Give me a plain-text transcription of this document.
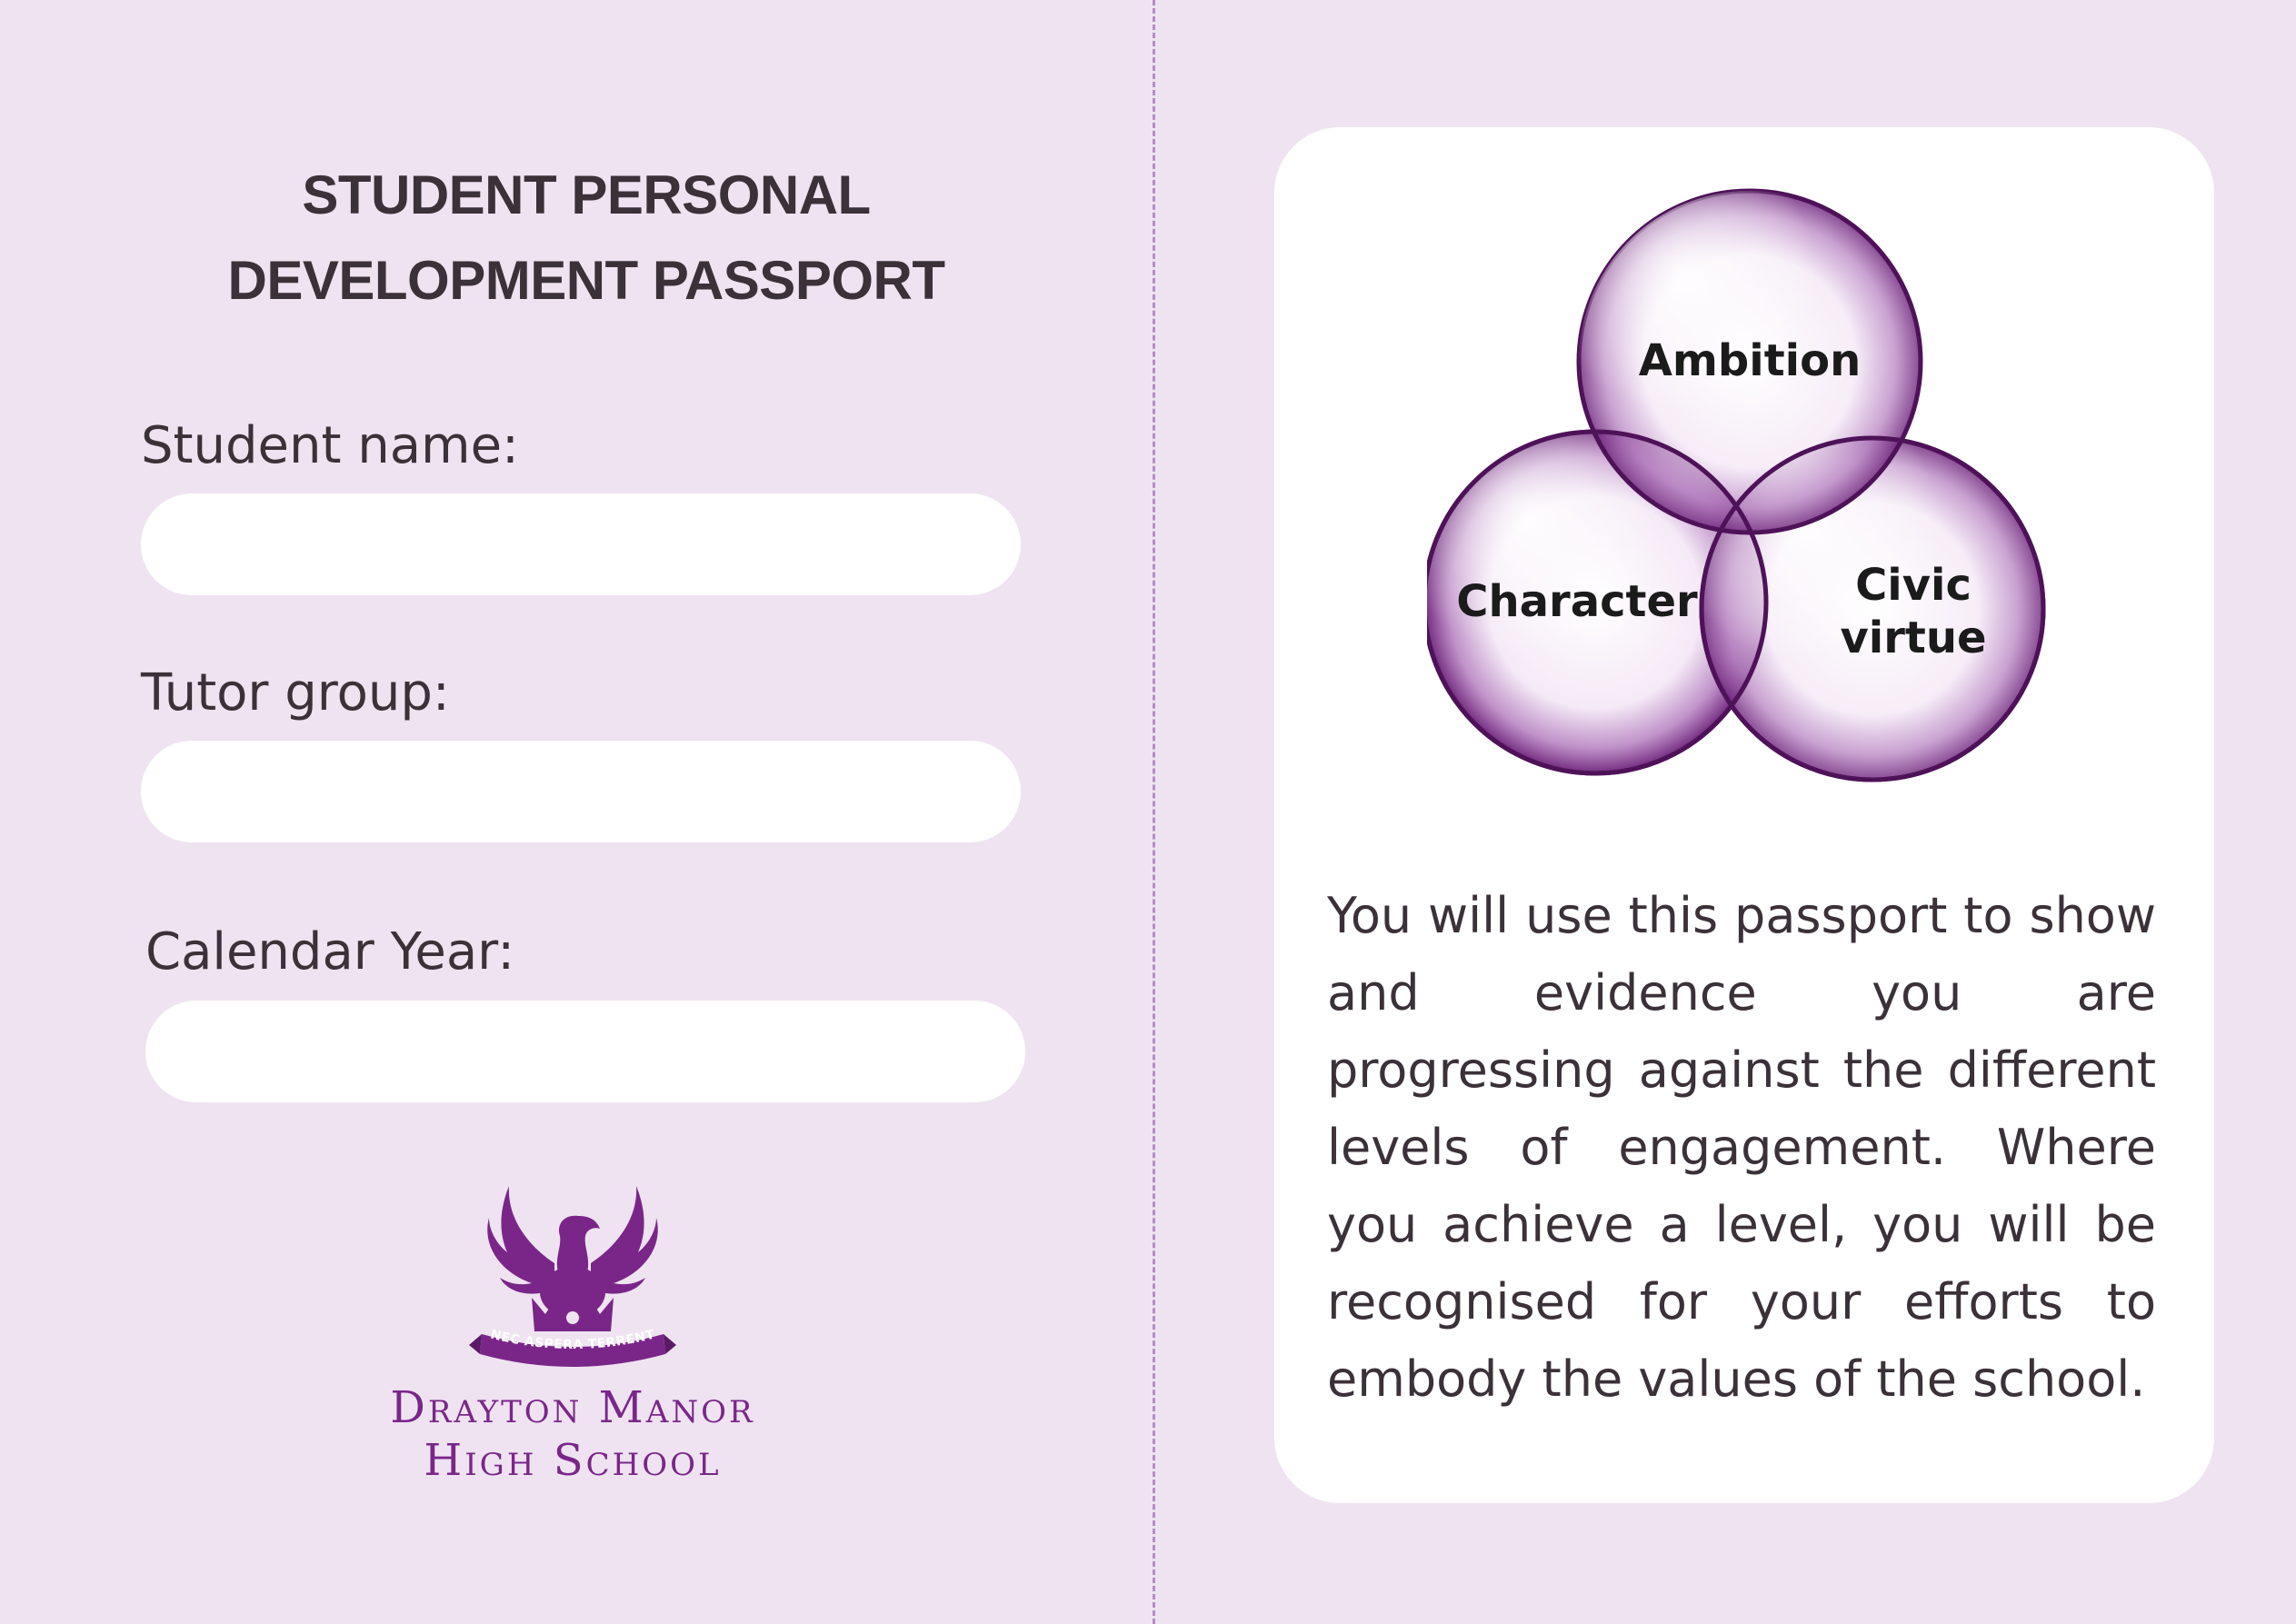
STUDENT PERSONAL
DEVELOPMENT PASSPORT
Student name:
Tutor group:
Calendar Year:
NEC ASPERA TERRENT
Drayton Manor
High School
Ambition
Character	Civic
virtue

You will use this passport to show and evidence you are progressing against the different levels of engagement. Where you achieve a level, you will be recognised for your efforts to embody the values of the school.
